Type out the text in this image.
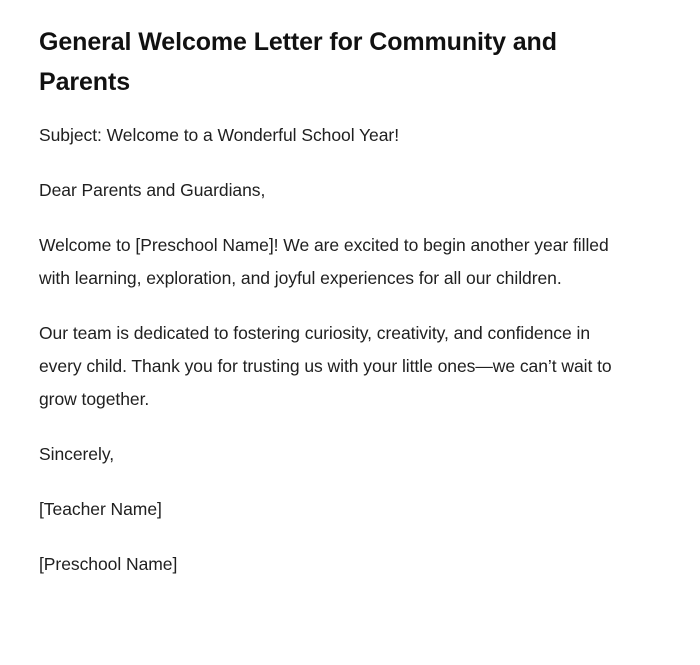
General Welcome Letter for Community and Parents

Subject: Welcome to a Wonderful School Year!

Dear Parents and Guardians,

Welcome to [Preschool Name]! We are excited to begin another year filled with learning, exploration, and joyful experiences for all our children.

Our team is dedicated to fostering curiosity, creativity, and confidence in every child. Thank you for trusting us with your little ones—we can’t wait to grow together.

Sincerely,

[Teacher Name]

[Preschool Name]
